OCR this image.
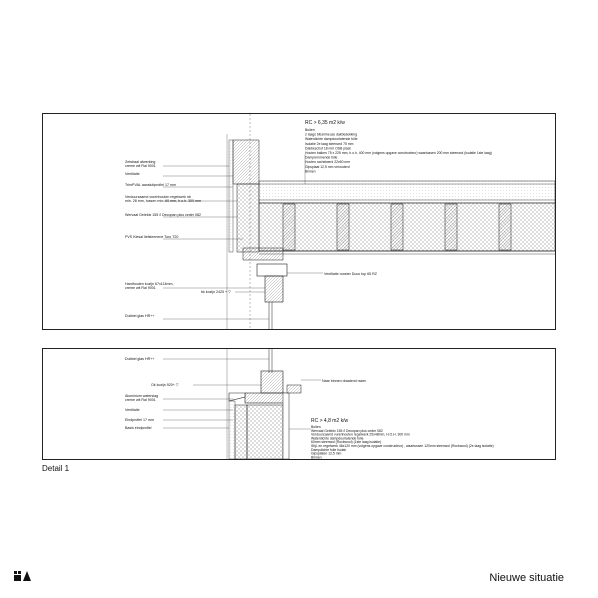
RC > 6,35 m2 k/w
Buiten
2 laags bitumineuze dakbedekking
Waterdichte dampdoorlatende folie
Isolatie 2e laag steenwol 75 mm
Dakbeschot 18 mm OSB plaat
Houten balken 75 x 225 mm, h.o.h. 400 mm (volgens opgave constructeur) waartussen 200 mm steenwol (isolatie 1ste laag)
Dampremmende folie
Houten rachelwerk 22x50 mm
Gipsplaat 12,5 mm verouderd
Binnen
Zetstraal afwerking creme wit Ral 9001
Ventilatie
TrimPVAL aansluitprofiel 17 mm
Verduurzaamd vurenhouten regelwerk nb min. 28 mm, tussen min. 60 mm, h.o.h. 300 mm
Wervaal Gelebix 155 /l Decopan plus ceder 082
PVS Kiesal liefsteenene Toro T20
Hardhouten kozijn 67x114mm, creme wit Ral 9001
Dubbel glas HR++
Ventilatie rooster Duco top 65 RZ
bk kozijn 2425 + ▽
Naar binnen draaiend raam
RC > 4,8 m2 k/w
Buiten
Wervaal Gelebix 155 /l Decopan plus ceder 082
Verduurzaamd vurenhouten regelwerk 25x48mm, H.O.H. 300 mm
Waterdichte dampdoorlatende folie
60mm steenwol (Rockwool) (1ste laag isolatie)
Stijl- en regelwerk 46x120 mm (volgens opgave constructeur) , waartussen 120mm steenwol (Rockwool) (2e laag isolatie)
Dampdichte folie Isolair
Gipsplaten 12,5 mm
Binnen
Dubbel glas HR++
Ok kozijn 920+ ▽
Aluminium waterslag creme wit Ral 9001
Ventilatie
Eindprofiel 17 mm
Basis eindprofiel
Detail 1
Nieuwe situatie
